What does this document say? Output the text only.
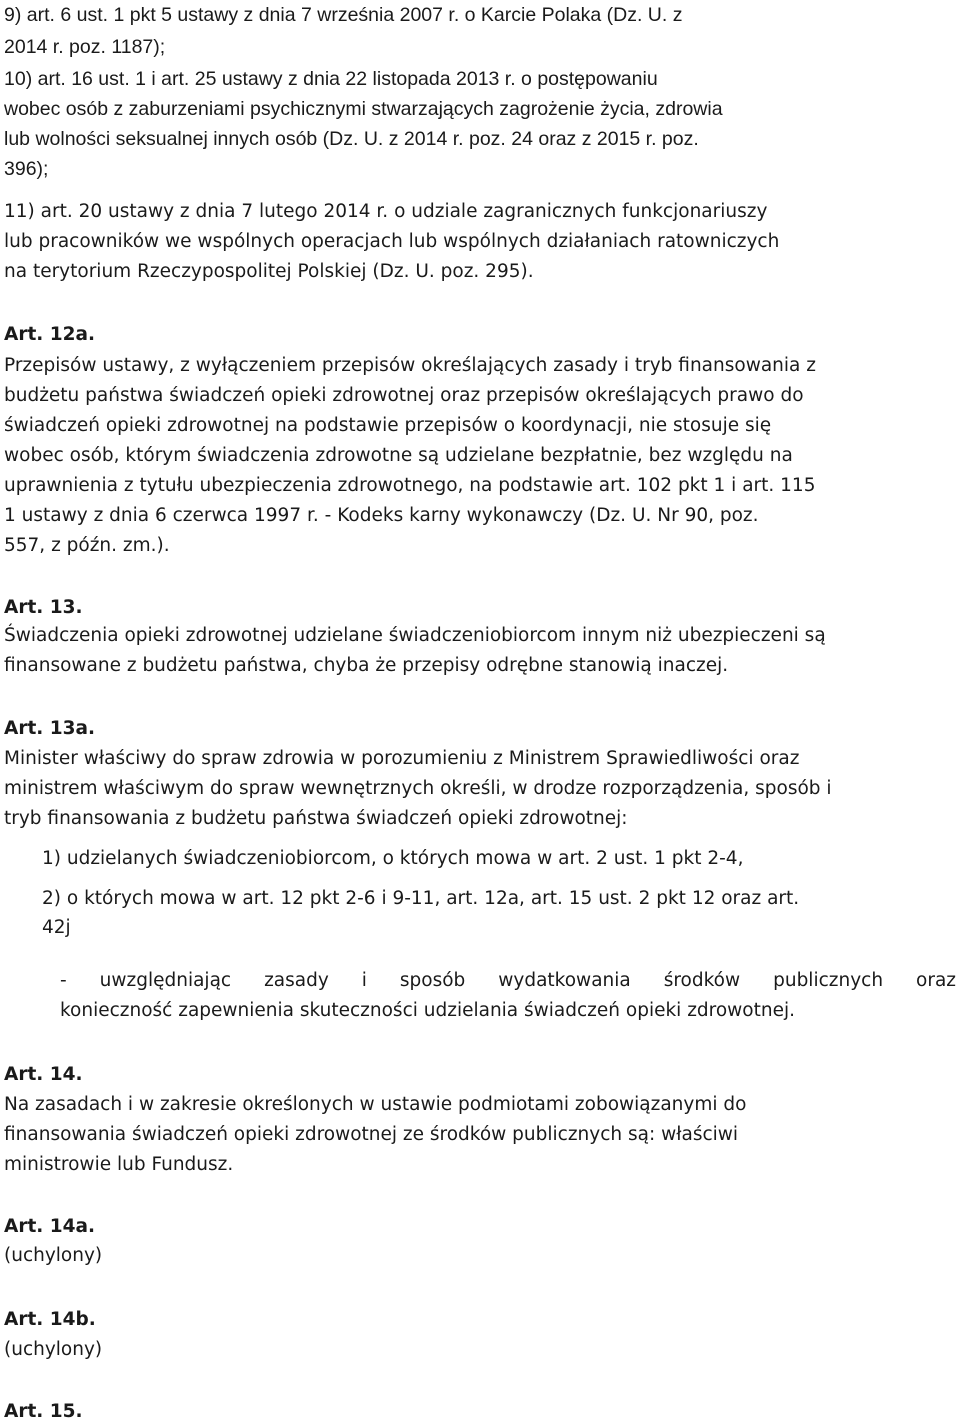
9) art. 6 ust. 1 pkt 5 ustawy z dnia 7 września 2007 r. o Karcie Polaka (Dz. U. z
2014 r. poz. 1187);
10) art. 16 ust. 1 i art. 25 ustawy z dnia 22 listopada 2013 r. o postępowaniu
wobec osób z zaburzeniami psychicznymi stwarzających zagrożenie życia, zdrowia
lub wolności seksualnej innych osób (Dz. U. z 2014 r. poz. 24 oraz z 2015 r. poz.
396);
11) art. 20 ustawy z dnia 7 lutego 2014 r. o udziale zagranicznych funkcjonariuszy
lub pracowników we wspólnych operacjach lub wspólnych działaniach ratowniczych
na terytorium Rzeczypospolitej Polskiej (Dz. U. poz. 295).
Art. 12a.
Przepisów ustawy, z wyłączeniem przepisów określających zasady i tryb finansowania z
budżetu państwa świadczeń opieki zdrowotnej oraz przepisów określających prawo do
świadczeń opieki zdrowotnej na podstawie przepisów o koordynacji, nie stosuje się
wobec osób, którym świadczenia zdrowotne są udzielane bezpłatnie, bez względu na
uprawnienia z tytułu ubezpieczenia zdrowotnego, na podstawie art. 102 pkt 1 i art. 115
1 ustawy z dnia 6 czerwca 1997 r. - Kodeks karny wykonawczy (Dz. U. Nr 90, poz.
557, z późn. zm.).
Art. 13.
Świadczenia opieki zdrowotnej udzielane świadczeniobiorcom innym niż ubezpieczeni są
finansowane z budżetu państwa, chyba że przepisy odrębne stanowią inaczej.
Art. 13a.
Minister właściwy do spraw zdrowia w porozumieniu z Ministrem Sprawiedliwości oraz
ministrem właściwym do spraw wewnętrznych określi, w drodze rozporządzenia, sposób i
tryb finansowania z budżetu państwa świadczeń opieki zdrowotnej:
1) udzielanych świadczeniobiorcom, o których mowa w art. 2 ust. 1 pkt 2-4,
2) o których mowa w art. 12 pkt 2-6 i 9-11, art. 12a, art. 15 ust. 2 pkt 12 oraz art.
42j
- uwzględniając zasady i sposób wydatkowania środków publicznych oraz
konieczność zapewnienia skuteczności udzielania świadczeń opieki zdrowotnej.
Art. 14.
Na zasadach i w zakresie określonych w ustawie podmiotami zobowiązanymi do
finansowania świadczeń opieki zdrowotnej ze środków publicznych są: właściwi
ministrowie lub Fundusz.
Art. 14a.
(uchylony)
Art. 14b.
(uchylony)
Art. 15.
